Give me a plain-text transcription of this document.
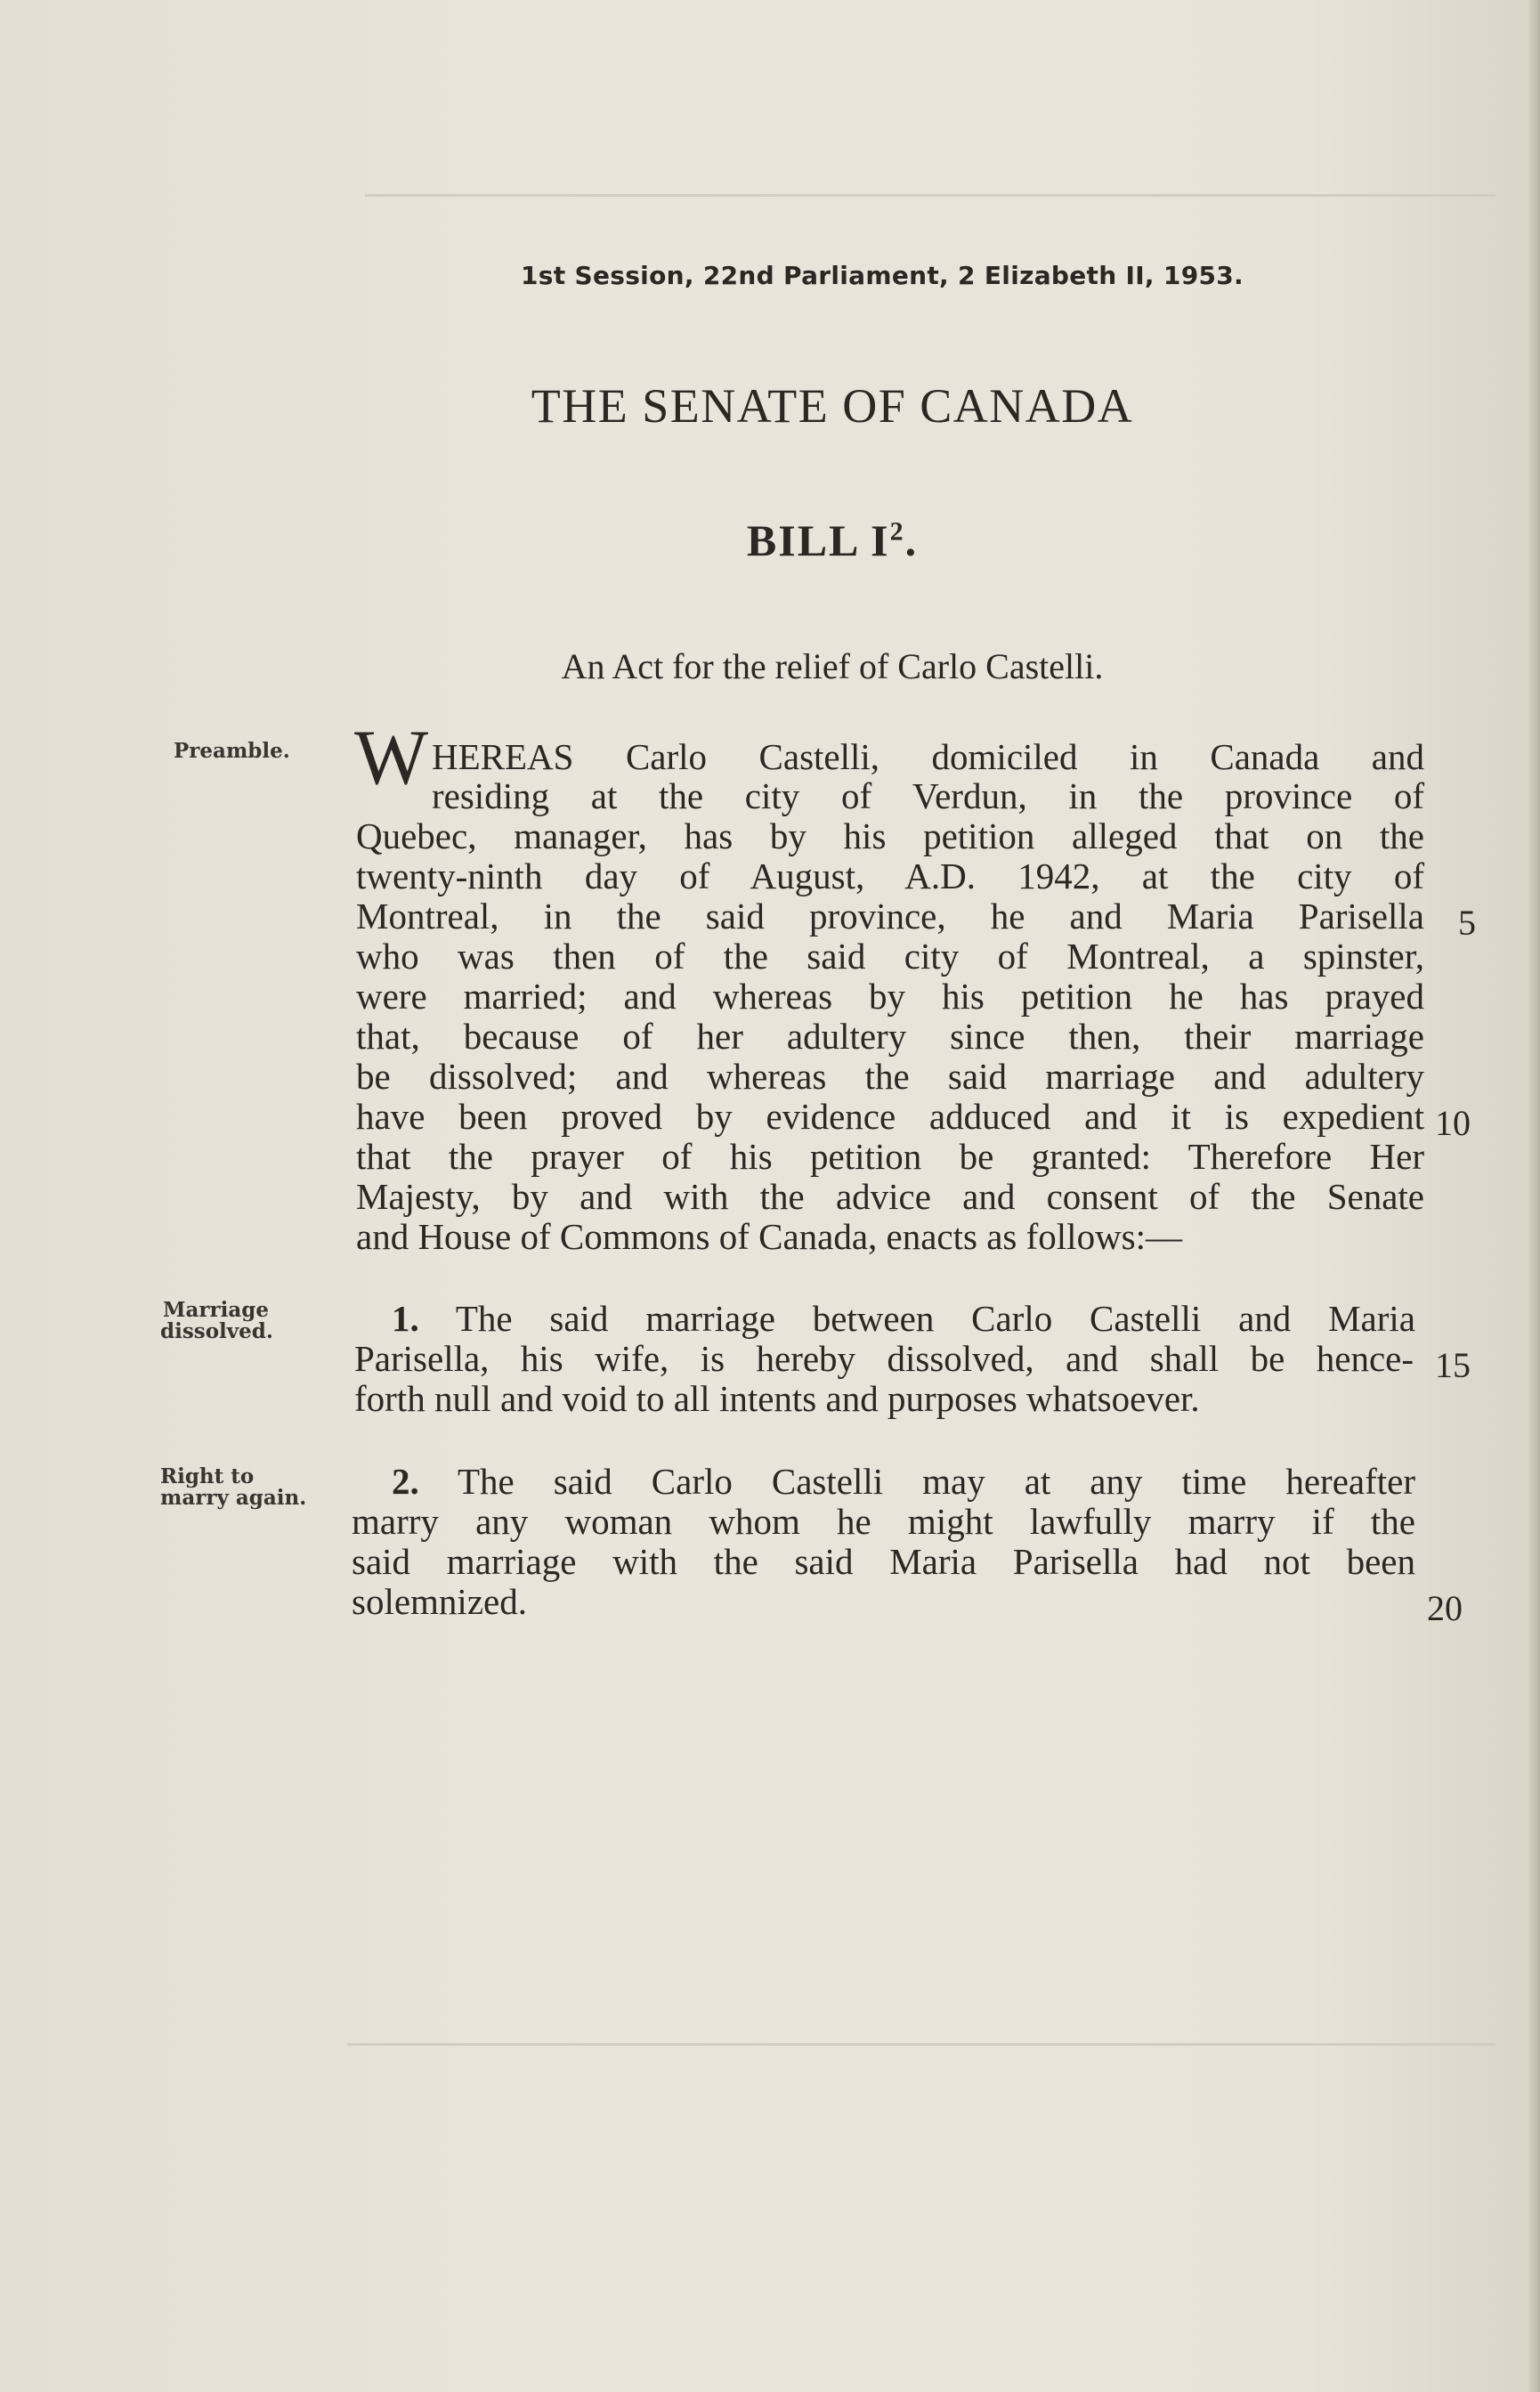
1st Session, 22nd Parliament, 2 Elizabeth II, 1953.
THE SENATE OF CANADA
BILL $I^2$.
An Act for the relief of Carlo Castelli.
Preamble.
Marriage
dissolved.
Right to
marry again.
W HEREAS Carlo Castelli, domiciled in Canada and
residing at the city of Verdun, in the province of
Quebec, manager, has by his petition alleged that on the
twenty-ninth day of August, A.D. 1942, at the city of
Montreal, in the said province, he and Maria Parisella
who was then of the said city of Montreal, a spinster,
were married; and whereas by his petition he has prayed
that, because of her adultery since then, their marriage
be dissolved; and whereas the said marriage and adultery
have been proved by evidence adduced and it is expedient
that the prayer of his petition be granted: Therefore Her
Majesty, by and with the advice and consent of the Senate
and House of Commons of Canada, enacts as follows:—
1. The said marriage between Carlo Castelli and Maria
Parisella, his wife, is hereby dissolved, and shall be hence-
forth null and void to all intents and purposes whatsoever.
2. The said Carlo Castelli may at any time hereafter
marry any woman whom he might lawfully marry if the
said marriage with the said Maria Parisella had not been
solemnized.
5
10
15
20
